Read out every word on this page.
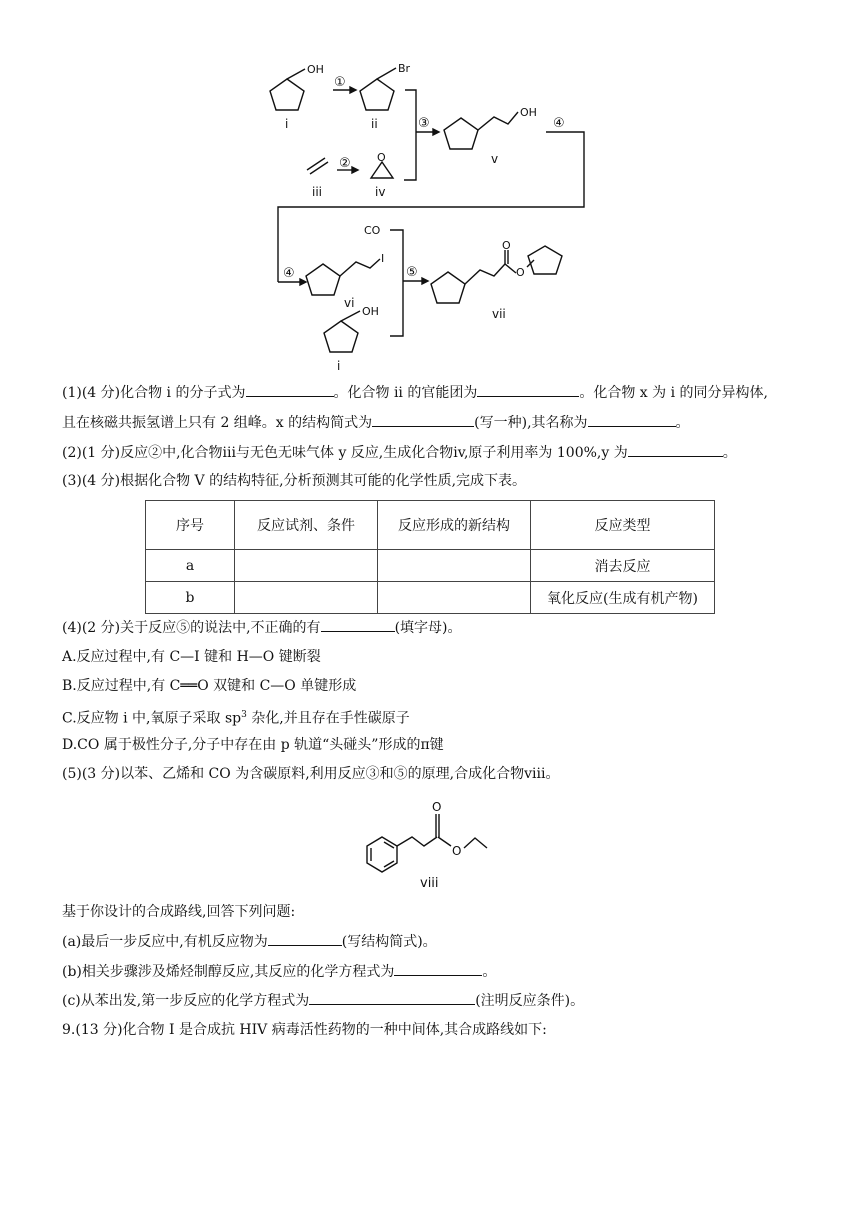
OH	Br
O
OH
CO
I
OH
O
O
i	ii
iii	iv
v
vi
vii
i
①
②
③	④
④	⑤
(1)(4 分)化合物 i 的分子式为	。化合物 ii 的官能团为	。化合物 x 为 i 的同分异构体,
且在核磁共振氢谱上只有 2 组峰。x 的结构简式为	(写一种),其名称为	。
(2)(1 分)反应②中,化合物iii与无色无味气体 y 反应,生成化合物iv,原子利用率为 100%,y 为	。
(3)(4 分)根据化合物 V 的结构特征,分析预测其可能的化学性质,完成下表。
序号	反应试剂、条件	反应形成的新结构	反应类型
a			消去反应
b			氧化反应(生成有机产物)
(4)(2 分)关于反应⑤的说法中,不正确的有	(填字母)。
A.反应过程中,有 C—I 键和 H—O 键断裂
B.反应过程中,有 C══O 双键和 C—O 单键形成
C.反应物 i 中,氧原子采取 $sp^3$ 杂化,并且存在手性碳原子
D.CO 属于极性分子,分子中存在由 p 轨道“头碰头”形成的π键
(5)(3 分)以苯、乙烯和 CO 为含碳原料,利用反应③和⑤的原理,合成化合物viii。
O
O
viii
基于你设计的合成路线,回答下列问题:
(a)最后一步反应中,有机反应物为	(写结构简式)。
(b)相关步骤涉及烯烃制醇反应,其反应的化学方程式为	。
(c)从苯出发,第一步反应的化学方程式为	(注明反应条件)。
9.(13 分)化合物 I 是合成抗 HIV 病毒活性药物的一种中间体,其合成路线如下:
